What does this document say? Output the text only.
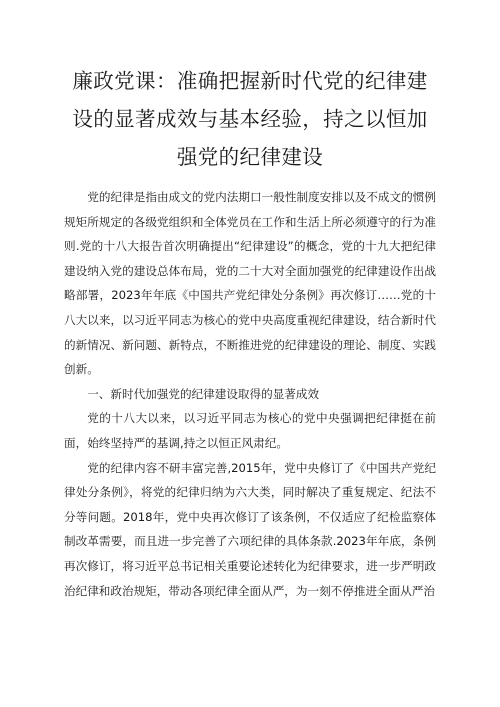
廉政党课：准确把握新时代党的纪律建设的显著成效与基本经验，持之以恒加强党的纪律建设

党的纪律是指由成文的党内法期口一般性制度安排以及不成文的惯例规矩所规定的各级党组织和全体党员在工作和生活上所必须遵守的行为准则.党的十八大报告首次明确提出“纪律建设”的概念，党的十九大把纪律建设纳入党的建设总体布局，党的二十大对全面加强党的纪律建设作出战略部署，2023年年底《中国共产党纪律处分条例》再次修订……党的十八大以来，以习近平同志为核心的党中央高度重视纪律建设，结合新时代的新情况、新问题、新特点，不断推进党的纪律建设的理论、制度、实践创新。

一、新时代加强党的纪律建设取得的显著成效

党的十八大以来，以习近平同志为核心的党中央强调把纪律挺在前面，始终坚持严的基调,持之以恒正风肃纪。

党的纪律内容不研丰富完善,2015年，党中央修订了《中国共产党纪律处分条例》，将党的纪律归纳为六大类，同时解决了重复规定、纪法不分等问题。2018年，党中央再次修订了该条例，不仅适应了纪检监察体制改革需要，而且进一步完善了六项纪律的具体条款.2023年年底，条例再次修订，将习近平总书记相关重要论述转化为纪律要求，进一步严明政治纪律和政治规矩，带动各项纪律全面从严，为一刻不停推进全面从严治
